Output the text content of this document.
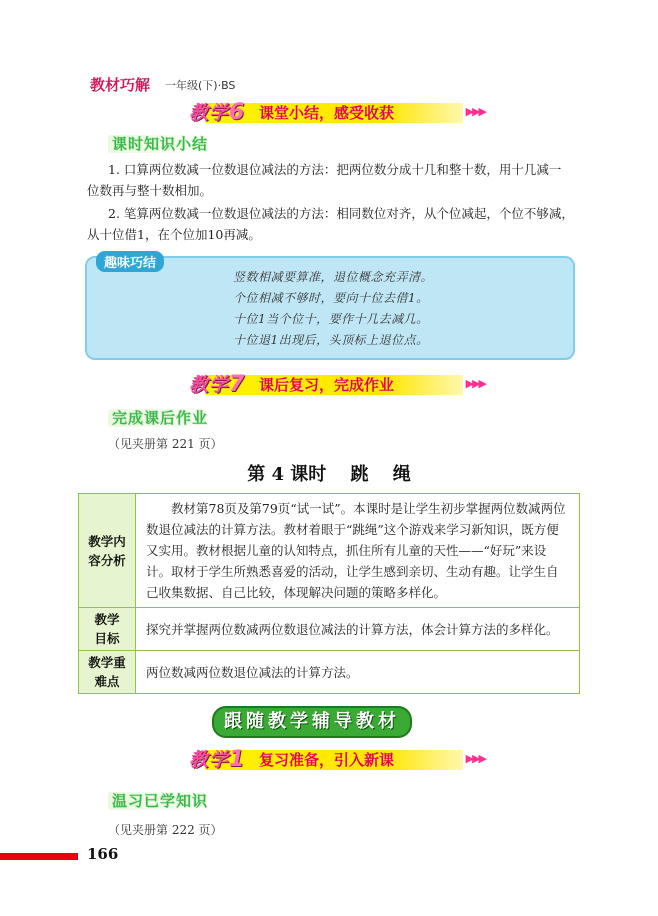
教材巧解 一年级(下)·BS
教学6 课堂小结，感受收获	▶▶▶
课时知识小结
1. 口算两位数减一位数退位减法的方法：把两位数分成十几和整十数，用十几减一
位数再与整十数相加。
2. 笔算两位数减一位数退位减法的方法：相同数位对齐，从个位减起，个位不够减，
从十位借1，在个位加10再减。
趣味巧结
竖数相减要算准，退位概念充弄清。
个位相减不够时，要向十位去借1。
十位1当个位十，要作十几去减几。
十位退1出现后，头顶标上退位点。
教学7 课后复习，完成作业	▶▶▶
完成课后作业
（见夹册第 221 页）
第 4 课时　 跳　 绳
教学内容分析	教材第78页及第79页“试一试”。本课时是让学生初步掌握两位数减两位数退位减法的计算方法。教材着眼于“跳绳”这个游戏来学习新知识，既方便又实用。教材根据儿童的认知特点，抓住所有儿童的天性——“好玩”来设计。取材于学生所熟悉喜爱的活动，让学生感到亲切、生动有趣。让学生自己收集数据、自己比较，体现解决问题的策略多样化。
教学目标	探究并掌握两位数减两位数退位减法的计算方法，体会计算方法的多样化。
教学重难点	两位数减两位数退位减法的计算方法。
跟随教学辅导教材
教学1 复习准备，引入新课	▶▶▶
温习已学知识
（见夹册第 222 页）
166
